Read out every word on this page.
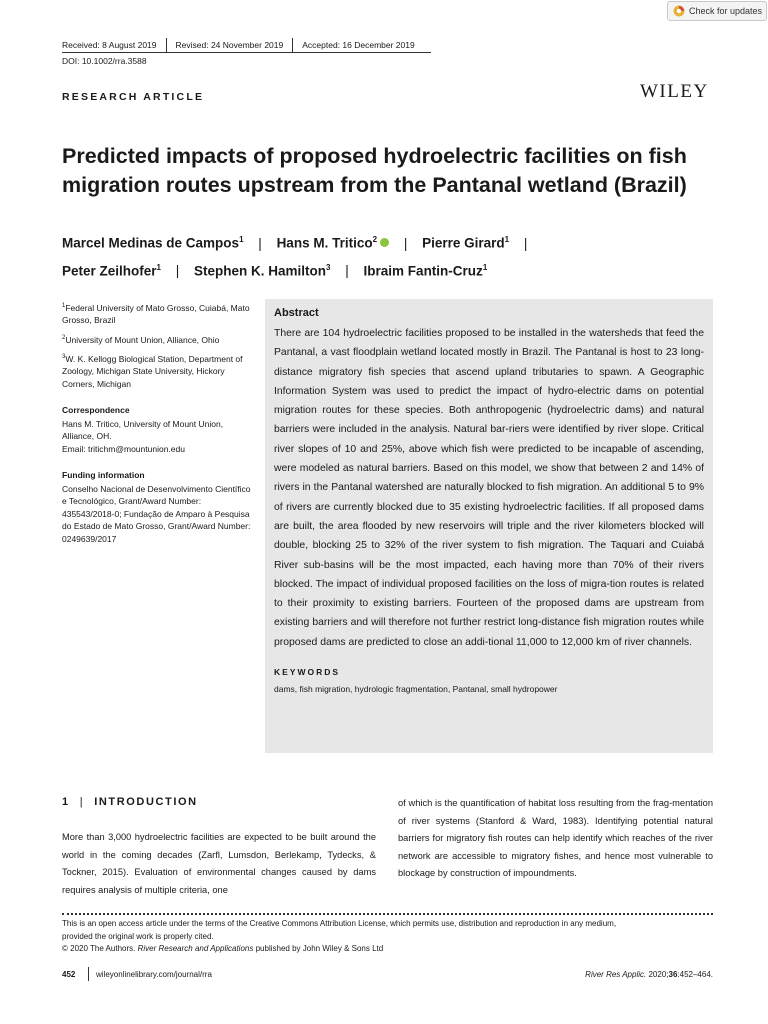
Check for updates
Received: 8 August 2019 Revised: 24 November 2019 Accepted: 16 December 2019
DOI: 10.1002/rra.3588
RESEARCH ARTICLE	WILEY
Predicted impacts of proposed hydroelectric facilities on fish migration routes upstream from the Pantanal wetland (Brazil)
Marcel Medinas de Campos$^1$ | Hans M. Tritico$^2$ | Pierre Girard$^1$ |
Peter Zeilhofer$^1$ | Stephen K. Hamilton$^3$ | Ibraim Fantin-Cruz$^1$

$^1$Federal University of Mato Grosso, Cuiabá, Mato Grosso, Brazil

$^2$University of Mount Union, Alliance, Ohio

$^3$W. K. Kellogg Biological Station, Department of Zoology, Michigan State University, Hickory Corners, Michigan

Correspondence

Hans M. Tritico, University of Mount Union, Alliance, OH.

Email: tritichm@mountunion.edu

Funding information

Conselho Nacional de Desenvolvimento Científico e Tecnológico, Grant/Award Number: 435543/2018-0; Fundação de Amparo à Pesquisa do Estado de Mato Grosso, Grant/Award Number: 0249639/2017

Abstract
There are 104 hydroelectric facilities proposed to be installed in the watersheds that feed the Pantanal, a vast floodplain wetland located mostly in Brazil. The Pantanal is host to 23 long-distance migratory fish species that ascend upland tributaries to spawn. A Geographic Information System was used to predict the impact of hydro-electric dams on potential migration routes for these species. Both anthropogenic (hydroelectric dams) and natural barriers were included in the analysis. Natural bar-riers were identified by river slope. Critical river slopes of 10 and 25%, above which fish were predicted to be incapable of ascending, were modeled as natural barriers. Based on this model, we show that between 2 and 14% of rivers in the Pantanal watershed are naturally blocked to fish migration. An additional 5 to 9% of rivers are currently blocked due to 35 existing hydroelectric facilities. If all proposed dams are built, the area flooded by new reservoirs will triple and the river kilometers blocked will double, blocking 25 to 32% of the river system to fish migration. The Taquari and Cuiabá River sub-basins will be the most impacted, each having more than 70% of their rivers blocked. The impact of individual proposed facilities on the loss of migra-tion routes is related to their proximity to existing barriers. Fourteen of the proposed dams are upstream from existing barriers and will therefore not further restrict long-distance fish migration routes while proposed dams are predicted to close an addi-tional 11,000 to 12,000 km of river channels.
KEYWORDS
dams, fish migration, hydrologic fragmentation, Pantanal, small hydropower
1 | INTRODUCTION
More than 3,000 hydroelectric facilities are expected to be built around the world in the coming decades (Zarfl, Lumsdon, Berlekamp, Tydecks, & Tockner, 2015). Evaluation of environmental changes caused by dams requires analysis of multiple criteria, one
of which is the quantification of habitat loss resulting from the frag-mentation of river systems (Stanford & Ward, 1983). Identifying potential natural barriers for migratory fish routes can help identify which reaches of the river network are accessible to migratory fishes, and hence most vulnerable to blockage by construction of impoundments.
This is an open access article under the terms of the Creative Commons Attribution License, which permits use, distribution and reproduction in any medium,
provided the original work is properly cited.
© 2020 The Authors. River Research and Applications published by John Wiley & Sons Ltd
452	wileyonlinelibrary.com/journal/rra	River Res Applic. 2020;36:452–464.
